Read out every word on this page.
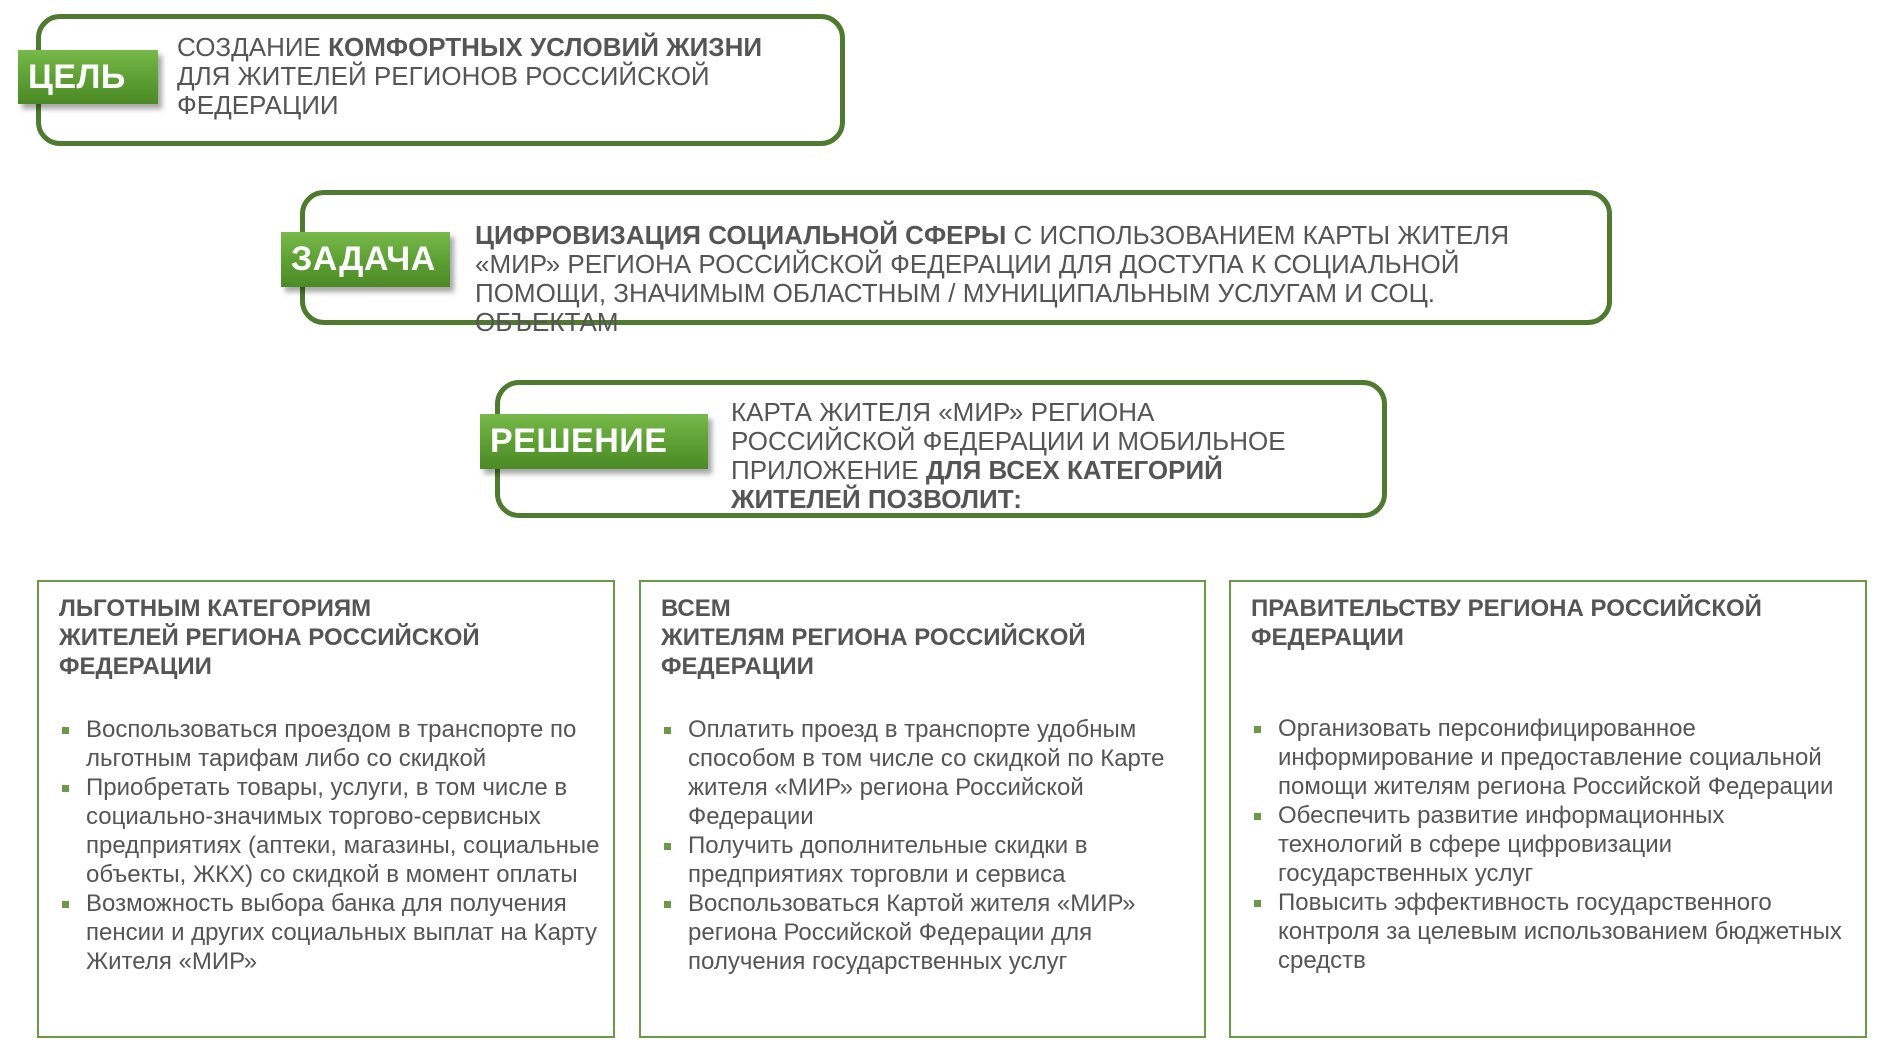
ЦЕЛЬ
СОЗДАНИЕ КОМФОРТНЫХ УСЛОВИЙ ЖИЗНИ ДЛЯ ЖИТЕЛЕЙ РЕГИОНОВ РОССИЙСКОЙ ФЕДЕРАЦИИ
ЗАДАЧА
ЦИФРОВИЗАЦИЯ СОЦИАЛЬНОЙ СФЕРЫ С ИСПОЛЬЗОВАНИЕМ КАРТЫ ЖИТЕЛЯ «МИР» РЕГИОНА РОССИЙСКОЙ ФЕДЕРАЦИИ ДЛЯ ДОСТУПА К СОЦИАЛЬНОЙ ПОМОЩИ, ЗНАЧИМЫМ ОБЛАСТНЫМ / МУНИЦИПАЛЬНЫМ УСЛУГАМ И СОЦ. ОБЪЕКТАМ
РЕШЕНИЕ
КАРТА ЖИТЕЛЯ «МИР» РЕГИОНА РОССИЙСКОЙ ФЕДЕРАЦИИ И МОБИЛЬНОЕ ПРИЛОЖЕНИЕ ДЛЯ ВСЕХ КАТЕГОРИЙ ЖИТЕЛЕЙ ПОЗВОЛИТ:
ЛЬГОТНЫМ КАТЕГОРИЯМ
ЖИТЕЛЕЙ РЕГИОНА РОССИЙСКОЙ
ФЕДЕРАЦИИ
Воспользоваться проездом в транспорте по льготным тарифам либо со скидкой
Приобретать товары, услуги, в том числе в социально-значимых торгово-сервисных предприятиях (аптеки, магазины, социальные объекты, ЖКХ) со скидкой в момент оплаты
Возможность выбора банка для получения пенсии и других социальных выплат на Карту Жителя «МИР»
ВСЕМ
ЖИТЕЛЯМ РЕГИОНА РОССИЙСКОЙ
ФЕДЕРАЦИИ
Оплатить проезд в транспорте удобным способом в том числе со скидкой по Карте жителя «МИР» региона Российской Федерации
Получить дополнительные скидки в предприятиях торговли и сервиса
Воспользоваться Картой жителя «МИР» региона Российской Федерации для получения государственных услуг
ПРАВИТЕЛЬСТВУ РЕГИОНА РОССИЙСКОЙ
ФЕДЕРАЦИИ
Организовать персонифицированное информирование и предоставление социальной помощи жителям региона Российской Федерации
Обеспечить развитие информационных технологий в сфере цифровизации государственных услуг
Повысить эффективность государственного контроля за целевым использованием бюджетных средств
